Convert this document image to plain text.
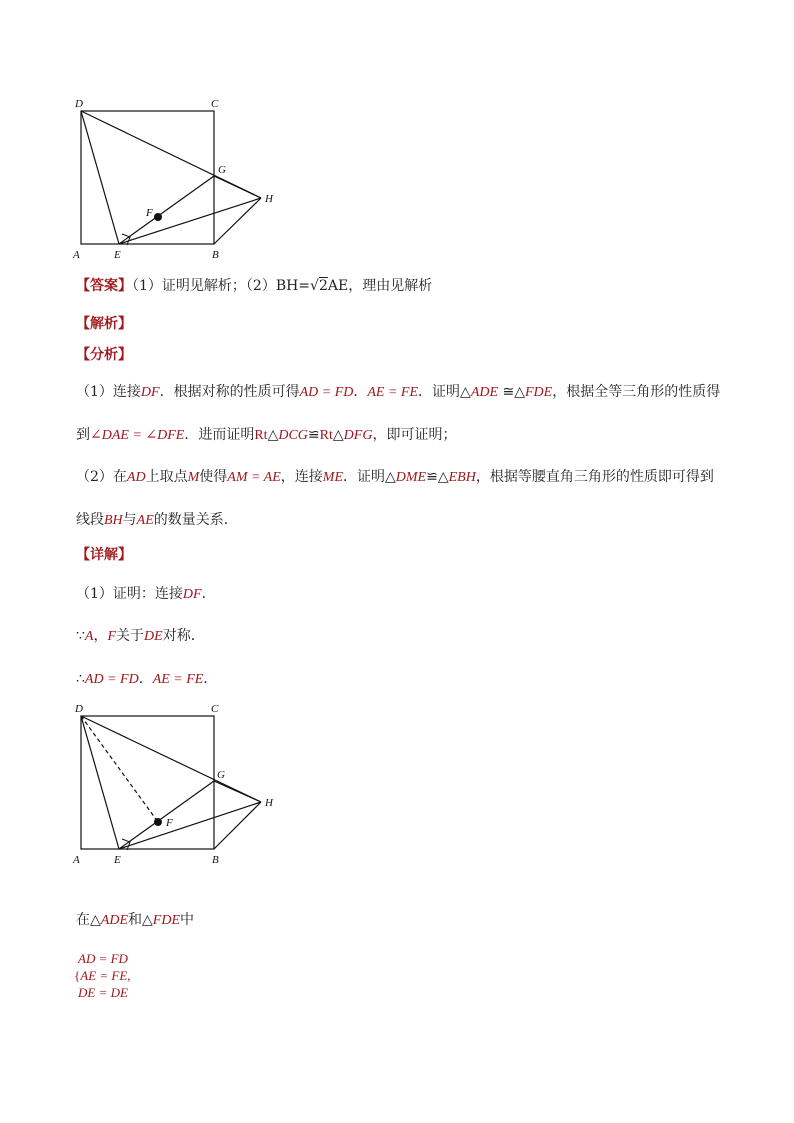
D	C
G
H
F
A	E	B
【答案】（1）证明见解析；（2）BH=√2AE，理由见解析
【解析】
【分析】
（1）连接DF．根据对称的性质可得AD = FD．AE = FE．证明△ADE ≅△FDE，根据全等三角形的性质得
到∠DAE = ∠DFE．进而证明Rt△DCG≌Rt△DFG，即可证明；
（2）在AD上取点M使得AM = AE，连接ME．证明△DME≌△EBH，根据等腰直角三角形的性质即可得到
线段BH与AE的数量关系．
【详解】
（1）证明：连接DF．
∵A，F关于DE对称．
∴AD = FD．AE = FE．
D	C
G
H
F
A	E	B
在△ADE和△FDE中
AD = FD
{AE = FE,
DE = DE
